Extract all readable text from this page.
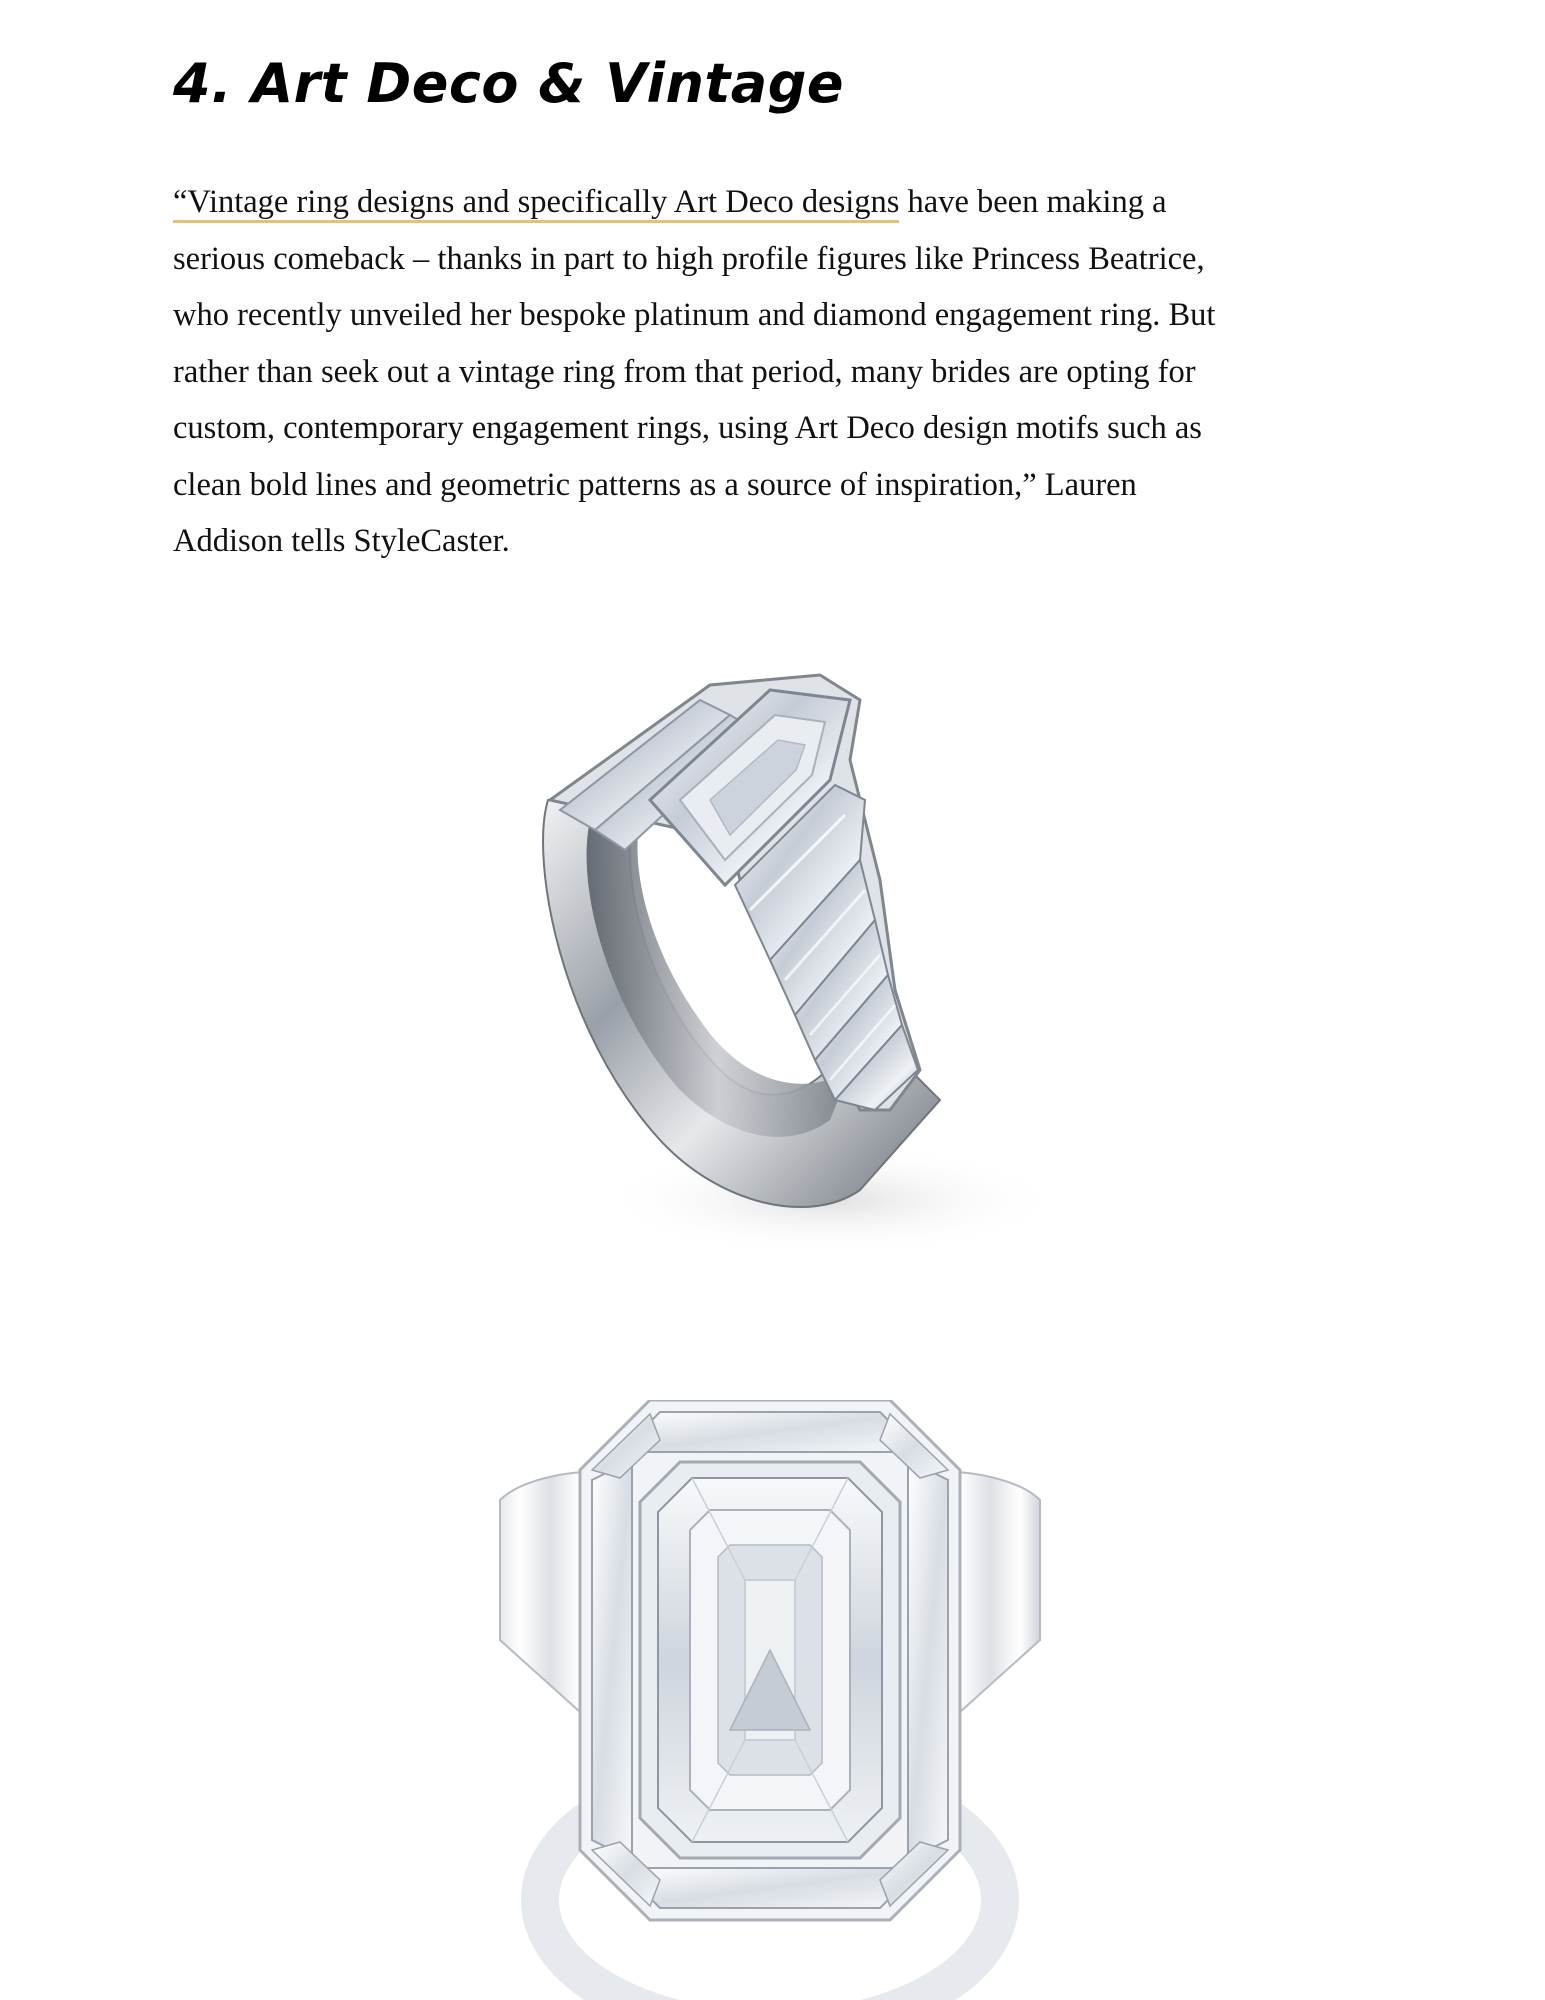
4. Art Deco & Vintage

“Vintage ring designs and specifically Art Deco designs have been making a
serious comeback – thanks in part to high profile figures like Princess Beatrice,
who recently unveiled her bespoke platinum and diamond engagement ring. But
rather than seek out a vintage ring from that period, many brides are opting for
custom, contemporary engagement rings, using Art Deco design motifs such as
clean bold lines and geometric patterns as a source of inspiration,” Lauren
Addison tells StyleCaster.
